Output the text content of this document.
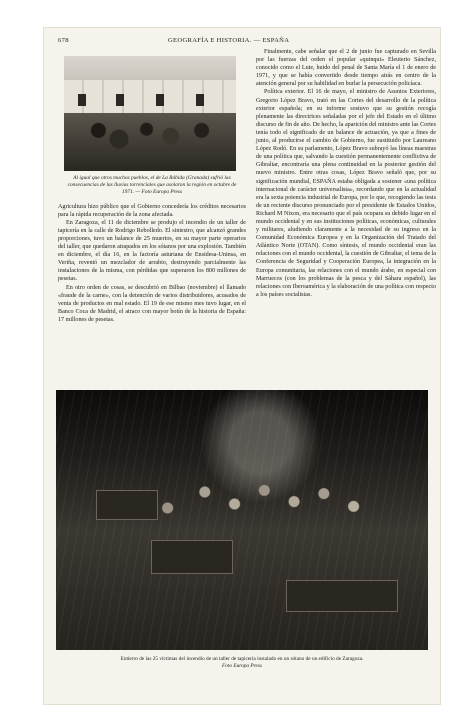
678	GEOGRAFÍA E HISTORIA. — ESPAÑA
Al igual que otros muchos pueblos, el de La Rábida (Granada) sufrió las consecuencias de las lluvias torrenciales que asolaron la región en octubre de 1971. — Foto Europa Press

Agricultura hizo público que el Gobierno concedería los créditos necesarios para la rápida recuperación de la zona afectada.

En Zaragoza, el 11 de diciembre se produjo el incendio de un taller de tapicería en la calle de Rodrigo Rebolledo. El siniestro, que alcanzó grandes proporciones, tuvo un balance de 25 muertos, en su mayor parte operarios del taller, que quedaron atrapados en los sótanos por una explosión. También en diciembre, el día 16, en la factoría asturiana de Ensidesa-Uninsa, en Veriña, reventó un mezclador de arrabio, destruyendo parcialmente las instalaciones de la misma, con pérdidas que superaron los 800 millones de pesetas.

En otro orden de cosas, se descubrió en Bilbao (noviembre) el llamado «fraude de la carne», con la detención de varios distribuidores, acusados de venta de productos en mal estado. El 19 de ese mismo mes tuvo lugar, en el Banco Coca de Madrid, el atraco con mayor botín de la historia de España: 17 millones de pesetas.

Finalmente, cabe señalar que el 2 de junio fue capturado en Sevilla por las fuerzas del orden el popular «quinqui» Eleuterio Sánchez, conocido como el Lute, huido del penal de Santa María el 1 de enero de 1971, y que se había convertido desde tiempo atrás en centro de la atención general por su habilidad en burlar la persecución policíaca.

Política exterior. El 16 de mayo, el ministro de Asuntos Exteriores, Gregorio López Bravo, trató en las Cortes del desarrollo de la política exterior española; en su informe sostuvo que su gestión recogía plenamente las directrices señaladas por el jefe del Estado en el último discurso de fin de año. De hecho, la aparición del ministro ante las Cortes tenía todo el significado de un balance de actuación, ya que a fines de junio, al producirse el cambio de Gobierno, fue sustituido por Laureano López Rodó. En su parlamento, López Bravo subrayó las líneas maestras de una política que, salvando la cuestión permanentemente conflictiva de Gibraltar, encontraría una plena continuidad en la posterior gestión del nuevo ministro. Entre otras cosas, López Bravo señaló que, por su significación mundial, ESPAÑA estaba obligada a sostener «una política internacional de carácter universalista», recordando que en la actualidad era la sexta potencia industrial de Europa, por lo que, recogiendo las tesis de un reciente discurso pronunciado por el presidente de Estados Unidos, Richard M Nixon, era necesario que el país ocupara su debido lugar en el mundo occidental y en sus instituciones políticas, económicas, culturales y militares, aludiendo claramente a la necesidad de su ingreso en la Comunidad Económica Europea y en la Organización del Tratado del Atlántico Norte (OTAN). Como síntesis, el mundo occidental eran las relaciones con el mundo occidental, la cuestión de Gibraltar, el tema de la Conferencia de Seguridad y Cooperación Europea, la integración en la Europa comunitaria, las relaciones con el mundo árabe, en especial con Marruecos (con los problemas de la pesca y del Sáhara español), las relaciones con Iberoamérica y la elaboración de una política con respecto a los países socialistas.

Entierro de las 25 víctimas del incendio de un taller de tapicería instalado en un sótano de un edificio de Zaragoza.
Foto Europa Press
